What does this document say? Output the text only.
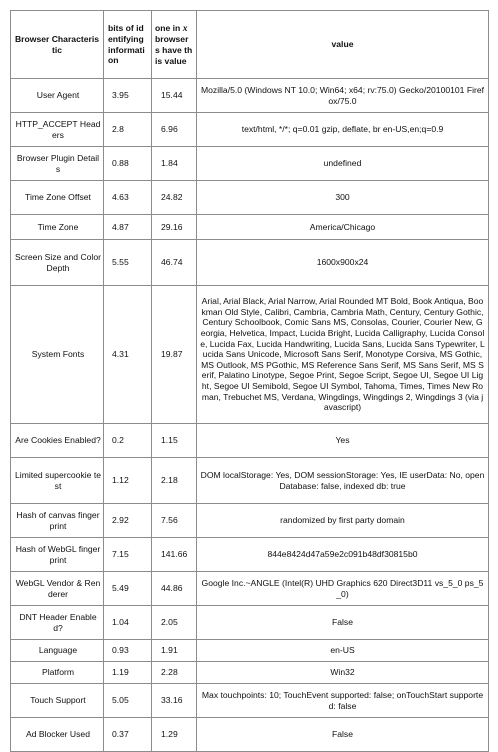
Browser Characteristic	bits of identifying information	one in x browsers have this value	value
User Agent	3.95	15.44	Mozilla/5.0 (Windows NT 10.0; Win64; x64; rv:75.0) Gecko/20100101 Firefox/75.0
HTTP_ACCEPT Headers	2.8	6.96	text/html, */*; q=0.01 gzip, deflate, br en-US,en;q=0.9
Browser Plugin Details	0.88	1.84	undefined
Time Zone Offset	4.63	24.82	300
Time Zone	4.87	29.16	America/Chicago
Screen Size and Color Depth	5.55	46.74	1600x900x24
System Fonts	4.31	19.87	Arial, Arial Black, Arial Narrow, Arial Rounded MT Bold, Book Antiqua, Bookman Old Style, Calibri, Cambria, Cambria Math, Century, Century Gothic, Century Schoolbook, Comic Sans MS, Consolas, Courier, Courier New, Georgia, Helvetica, Impact, Lucida Bright, Lucida Calligraphy, Lucida Console, Lucida Fax, Lucida Handwriting, Lucida Sans, Lucida Sans Typewriter, Lucida Sans Unicode, Microsoft Sans Serif, Monotype Corsiva, MS Gothic, MS Outlook, MS PGothic, MS Reference Sans Serif, MS Sans Serif, MS Serif, Palatino Linotype, Segoe Print, Segoe Script, Segoe UI, Segoe UI Light, Segoe UI Semibold, Segoe UI Symbol, Tahoma, Times, Times New Roman, Trebuchet MS, Verdana, Wingdings, Wingdings 2, Wingdings 3 (via javascript)
Are Cookies Enabled?	0.2	1.15	Yes
Limited supercookie test	1.12	2.18	DOM localStorage: Yes, DOM sessionStorage: Yes, IE userData: No, open Database: false, indexed db: true
Hash of canvas fingerprint	2.92	7.56	randomized by first party domain
Hash of WebGL fingerprint	7.15	141.66	844e8424d47a59e2c091b48df30815b0
WebGL Vendor & Renderer	5.49	44.86	Google Inc.~ANGLE (Intel(R) UHD Graphics 620 Direct3D11 vs_5_0 ps_5_0)
DNT Header Enabled?	1.04	2.05	False
Language	0.93	1.91	en-US
Platform	1.19	2.28	Win32
Touch Support	5.05	33.16	Max touchpoints: 10; TouchEvent supported: false; onTouchStart supported: false
Ad Blocker Used	0.37	1.29	False
